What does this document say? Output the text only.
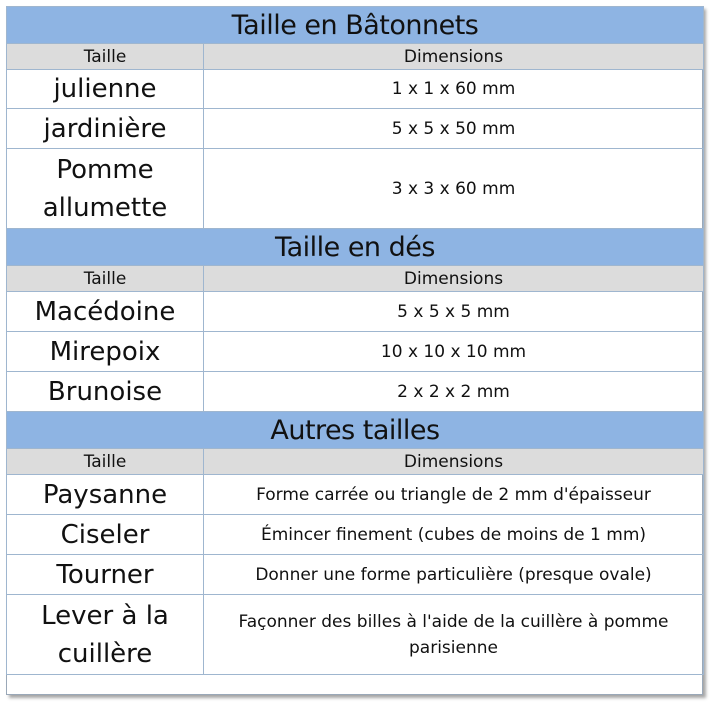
Taille en Bâtonnets	
Taille	Dimensions
julienne	1 x 1 x 60 mm
jardinière	5 x 5 x 50 mm
Pomme allumette	3 x 3 x 60 mm
Taille en dés	
Taille	Dimensions
Macédoine	5 x 5 x 5 mm
Mirepoix	10 x 10 x 10 mm
Brunoise	2 x 2 x 2 mm
Autres tailles	
Taille	Dimensions
Paysanne	Forme carrée ou triangle de 2 mm d'épaisseur
Ciseler	Émincer finement (cubes de moins de 1 mm)
Tourner	Donner une forme particulière (presque ovale)
Lever à la cuillère	Façonner des billes à l'aide de la cuillère à pomme parisienne
